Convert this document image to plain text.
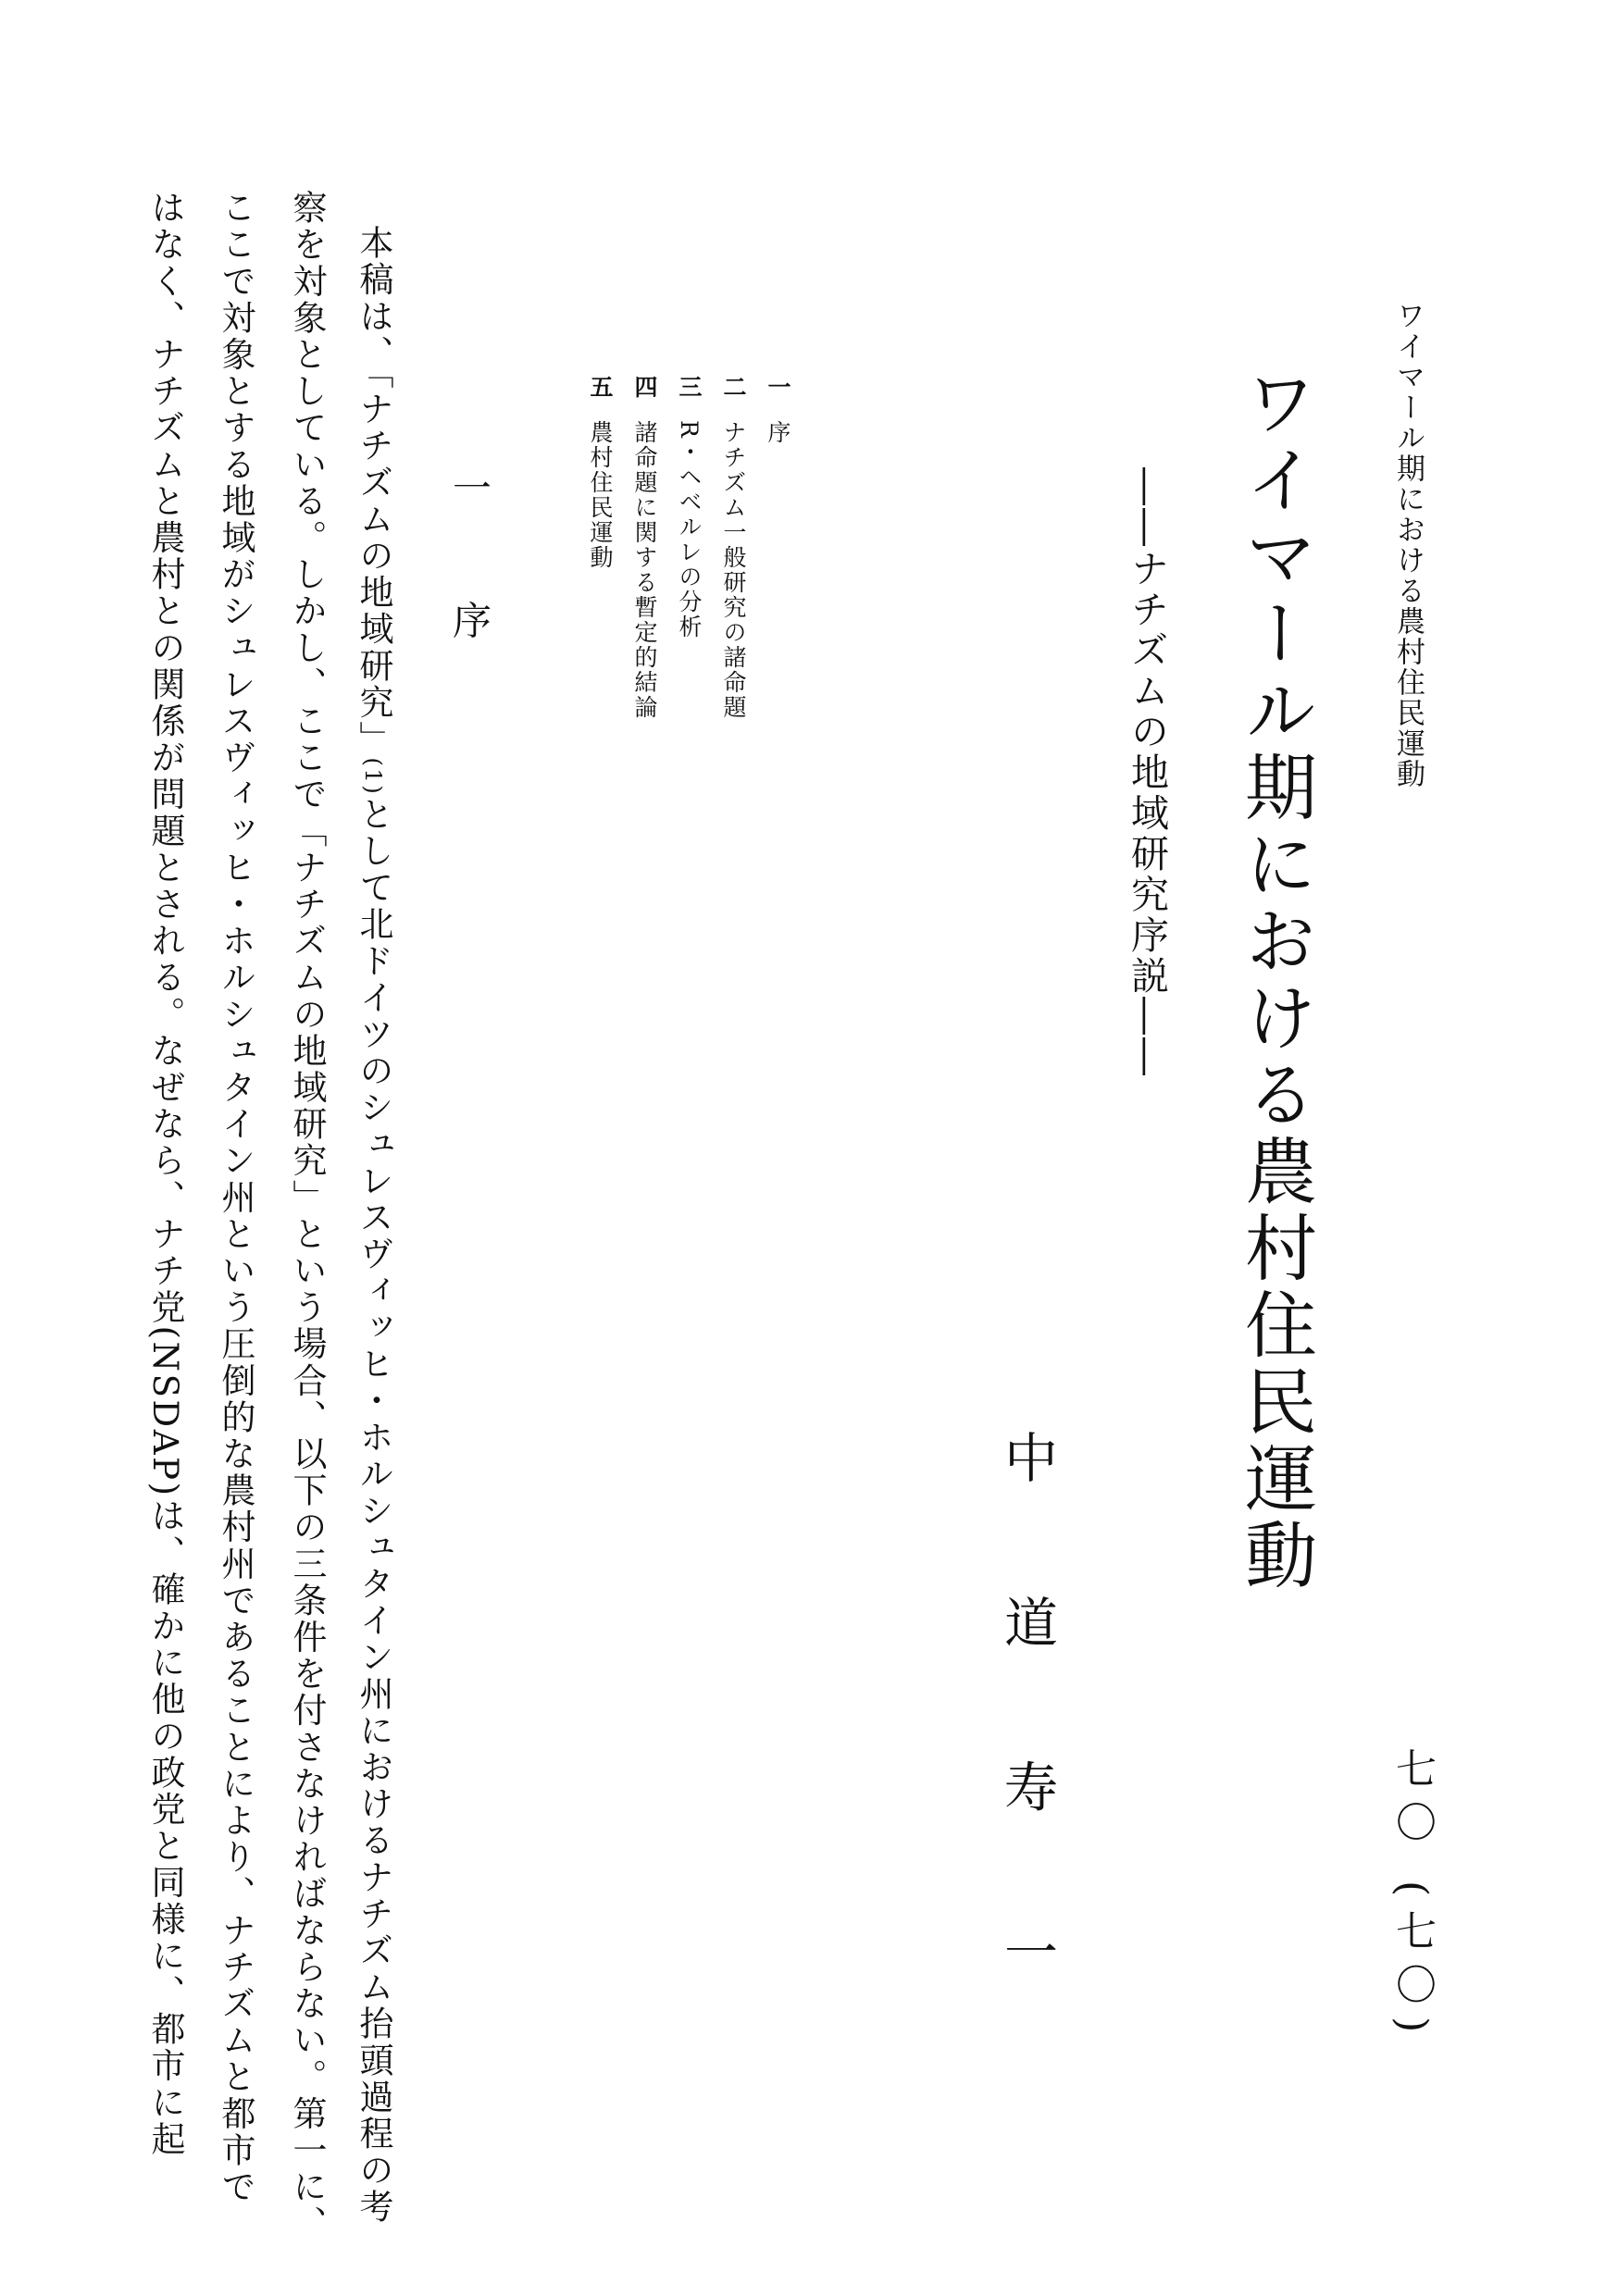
ワイマール期における農村住民運動
七〇 (七〇)
ワイマール期における農村住民運動
――ナチズムの地域研究序説――
中道寿一
一序
二ナチズム一般研究の諸命題
三R・ヘベルレの分析
四諸命題に関する暫定的結論
五農村住民運動
一 序
本稿は、「ナチズムの地域研究」(1)として北ドイツのシュレスヴィッヒ・ホルシュタイン州におけるナチズム抬頭過程の考
察を対象としている。しかし、ここで「ナチズムの地域研究」という場合、以下の三条件を付さなければならない。第一に、
ここで対象とする地域がシュレスヴィッヒ・ホルシュタイン州という圧倒的な農村州であることにより、ナチズムと都市で
はなく、ナチズムと農村との関係が問題とされる。なぜなら、ナチ党(NSDAP)は、確かに他の政党と同様に、都市に起
